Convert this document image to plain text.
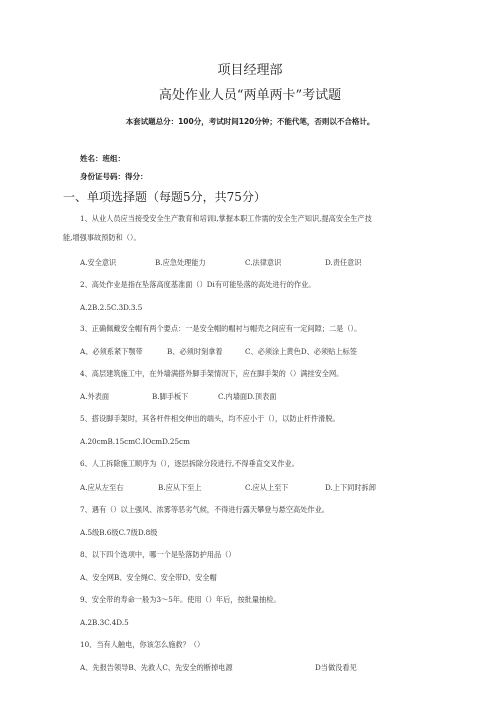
项目经理部
高处作业人员“两单两卡”考试题
本套试题总分：100分，考试时间120分钟；不能代笔，否则以不合格计。
姓名：班组：
身份证号码：得分：
一、单项选择题（每题5分，共75分）
1、从业人员应当接受安全生产教育和培训l,掌握本职工作需的安全生产知识,提高安全生产技
能,增强事故预防和（）。
A.安全意识	B.应急处理能力	C.法律意识	D.责任意识
2、高处作业是指在坠落高度基准面（）Di有可能坠落的高处进行的作业。
A.2B.2.5C.3D.3.5
3、正确佩戴安全帽有两个要点：一是安全帽的帽衬与帽壳之间应有一定间隙；二是（）。
A、必须系紧下颚带	B、必须时刻拿着	C、必须涂上黄色D、必须贴上标签
4、高层建筑施工中，在外墙满搭外脚手架情况下，应在脚手架的（）满挂安全网。
A.外表面	B.脚手板下	C.内墙面D.顶表面
5、搭设脚手架时，其各杆件相交伸出的端头，均不应小于（），以防止杆件滑脱。
A.20cmB.15cmC.IOcmD.25cm
6、人工拆除施工顺序为（），逐层拆除分段进行,不得垂直交叉作业。
A.应从左至右	B.应从下至上	C.应从上至下	D.上下同时拆卸
7、遇有（）以上强风、浓雾等恶劣气候，不得进行露天攀登与悬空高处作业。
A.5级B.6级C.7级D.8级
8、以下四个选项中，哪一个是坠落防护用品（）
A、安全网B、安全绳C、安全带D、安全帽
9、安全带的寿命一般为3～5年。使用（）年后，按批量抽检。
A.2B.3C.4D.5
10、当有人触电，你该怎么施救？（）
A、先报告领导B、先救人C、先安全的断掉电源	D当做没看见
